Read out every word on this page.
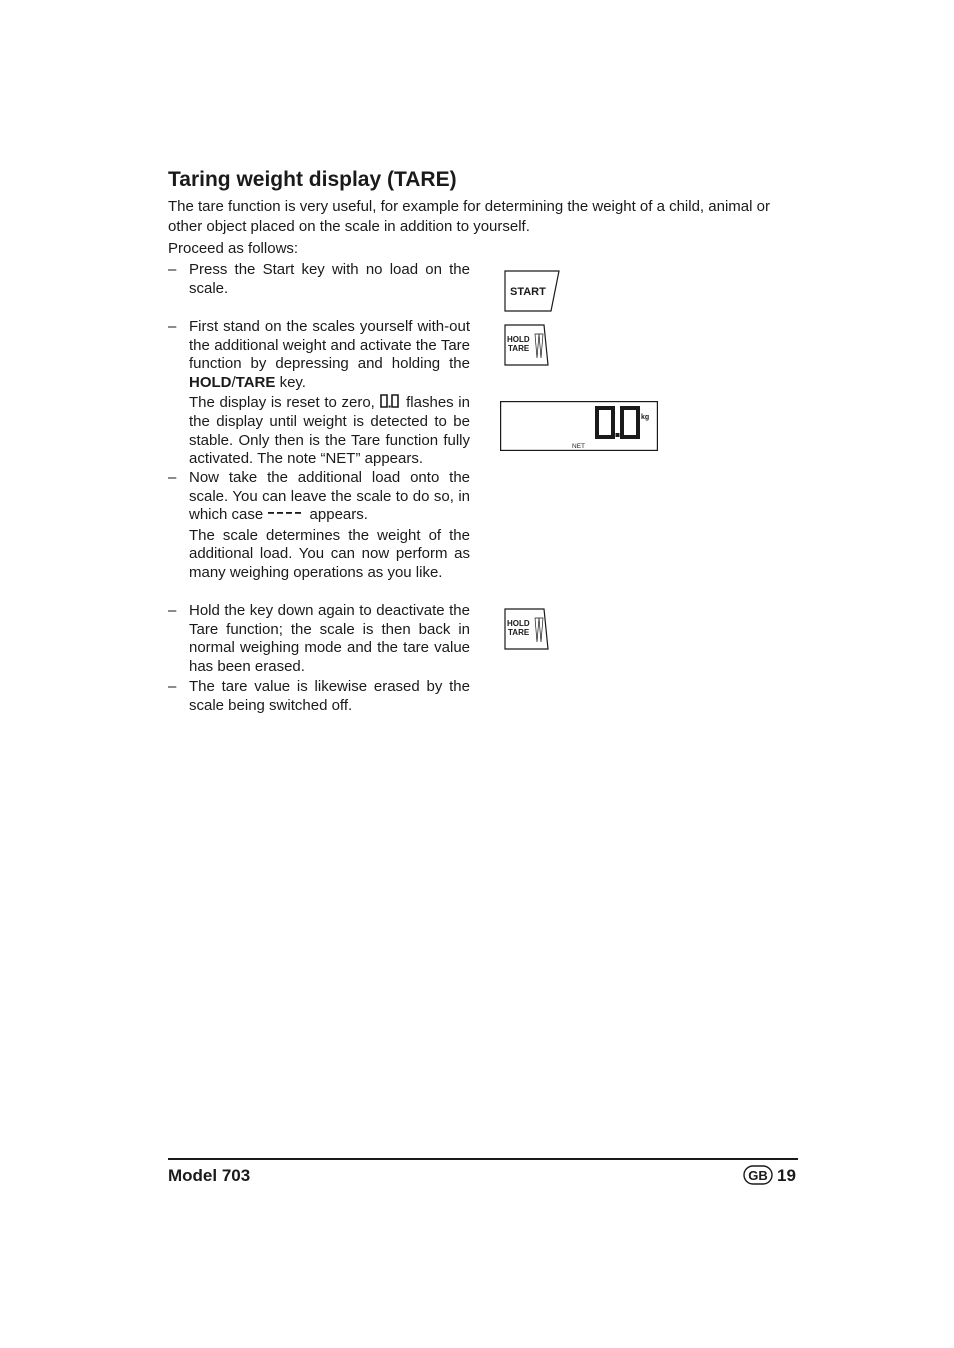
Taring weight display (TARE)

The tare function is very useful, for example for determining the weight of a child, animal or other object placed on the scale in addition to yourself.

Proceed as follows:

– Press the Start key with no load on the scale.

– First stand on the scales yourself with-out the additional weight and activate the Tare function by depressing and holding the HOLD/TARE key.

The display is reset to zero,  flashes in the display until weight is detected to be stable. Only then is the Tare function fully activated. The note “NET” appears.

– Now take the additional load onto the scale. You can leave the scale to do so, in which case	appears.

The scale determines the weight of the additional load. You can now perform as many weighing operations as you like.

– Hold the key down again to deactivate the Tare function; the scale is then back in normal weighing mode and the tare value has been erased.

– The tare value is likewise erased by the scale being switched off.

START
HOLD
TARE
kg
NET
HOLD
TARE
Model 703	GB 19
